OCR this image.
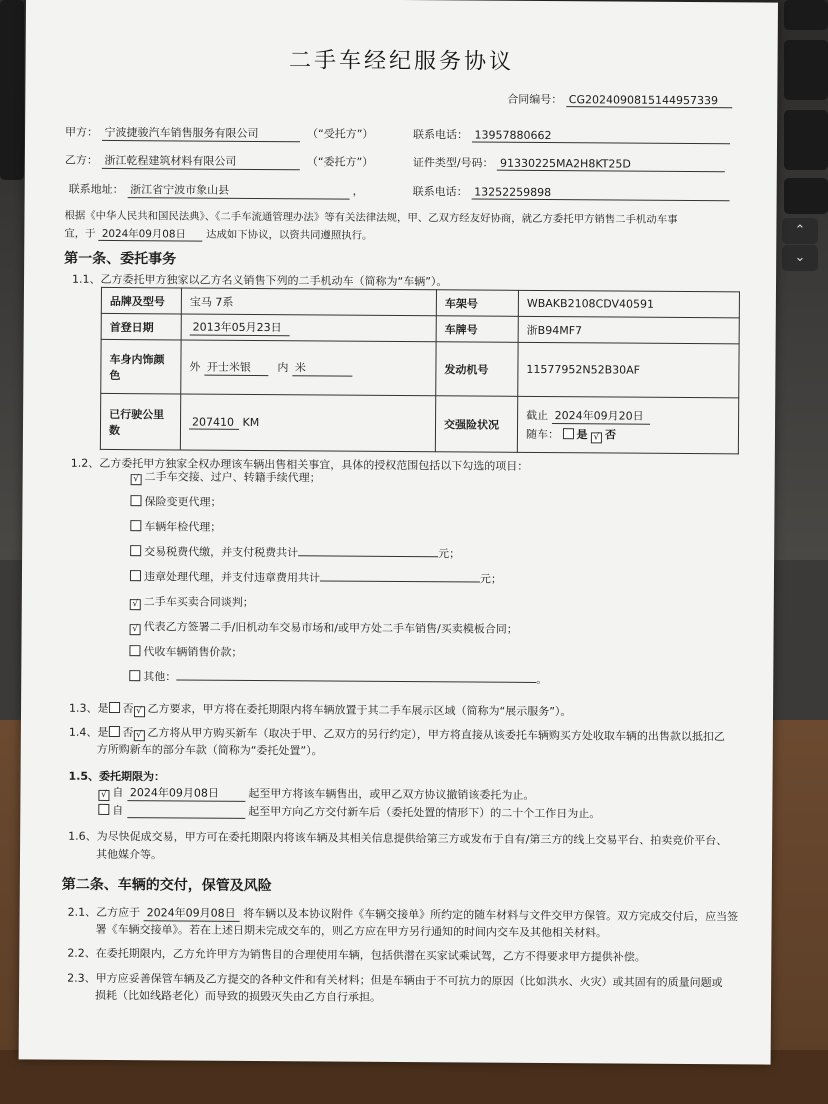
⌃
⌄
二手车经纪服务协议
合同编号： CG2024090815144957339
甲方： 宁波捷骏汽车销售服务有限公司	（“受托方”）	联系电话： 13957880662
乙方： 浙江乾程建筑材料有限公司	（“委托方”）	证件类型/号码： 91330225MA2H8KT25D
联系地址： 浙江省宁波市象山县	，	联系电话： 13252259898
根据《中华人民共和国民法典》、《二手车流通管理办法》等有关法律法规，甲、乙双方经友好协商，就乙方委托甲方销售二手机动车事
宜，于 2024年09月08日 达成如下协议，以资共同遵照执行。
第一条、委托事务
1.1、乙方委托甲方独家以乙方名义销售下列的二手机动车（简称为“车辆”）。
品牌及型号	宝马 7系	车架号	WBAKB2108CDV40591
首登日期	2013年05月23日	车牌号	浙B94MF7
车身内饰颜色	外 开士米银 内 米	发动机号	11577952N52B30AF
已行驶公里数	207410 KM	交强险状况	截止 2024年09月20日
随车： 是 √ 否
1.2、乙方委托甲方独家全权办理该车辆出售相关事宜，具体的授权范围包括以下勾选的项目：
√ 二手车交接、过户、转籍手续代理；
保险变更代理；
车辆年检代理；
交易税费代缴，并支付税费共计	元；
违章处理代理，并支付违章费用共计	元；
√ 二手车买卖合同谈判；
√ 代表乙方签署二手/旧机动车交易市场和/或甲方处二手车销售/买卖模板合同；
代收车辆销售价款；
其他：	。
1.3、是 否 √ 乙方要求，甲方将在委托期限内将车辆放置于其二手车展示区域（简称为“展示服务”）。
1.4、是 否 √ 乙方将从甲方购买新车（取决于甲、乙双方的另行约定），甲方将直接从该委托车辆购买方处收取车辆的出售款以抵扣乙
方所购新车的部分车款（简称为“委托处置”）。
1.5、委托期限为：
√ 自 2024年09月08日	起至甲方将该车辆售出，或甲乙双方协议撤销该委托为止。
自	起至甲方向乙方交付新车后（委托处置的情形下）的二十个工作日为止。
1.6、为尽快促成交易，甲方可在委托期限内将该车辆及其相关信息提供给第三方或发布于自有/第三方的线上交易平台、拍卖竞价平台、
其他媒介等。
第二条、车辆的交付，保管及风险
2.1、乙方应于 2024年09月08日 将车辆以及本协议附件《车辆交接单》所约定的随车材料与文件交甲方保管。双方完成交付后，应当签
署《车辆交接单》。若在上述日期未完成交车的，则乙方应在甲方另行通知的时间内交车及其他相关材料。
2.2、在委托期限内，乙方允许甲方为销售目的合理使用车辆，包括供潜在买家试乘试驾，乙方不得要求甲方提供补偿。
2.3、甲方应妥善保管车辆及乙方提交的各种文件和有关材料；但是车辆由于不可抗力的原因（比如洪水、火灾）或其固有的质量问题或
损耗（比如线路老化）而导致的损毁灭失由乙方自行承担。
